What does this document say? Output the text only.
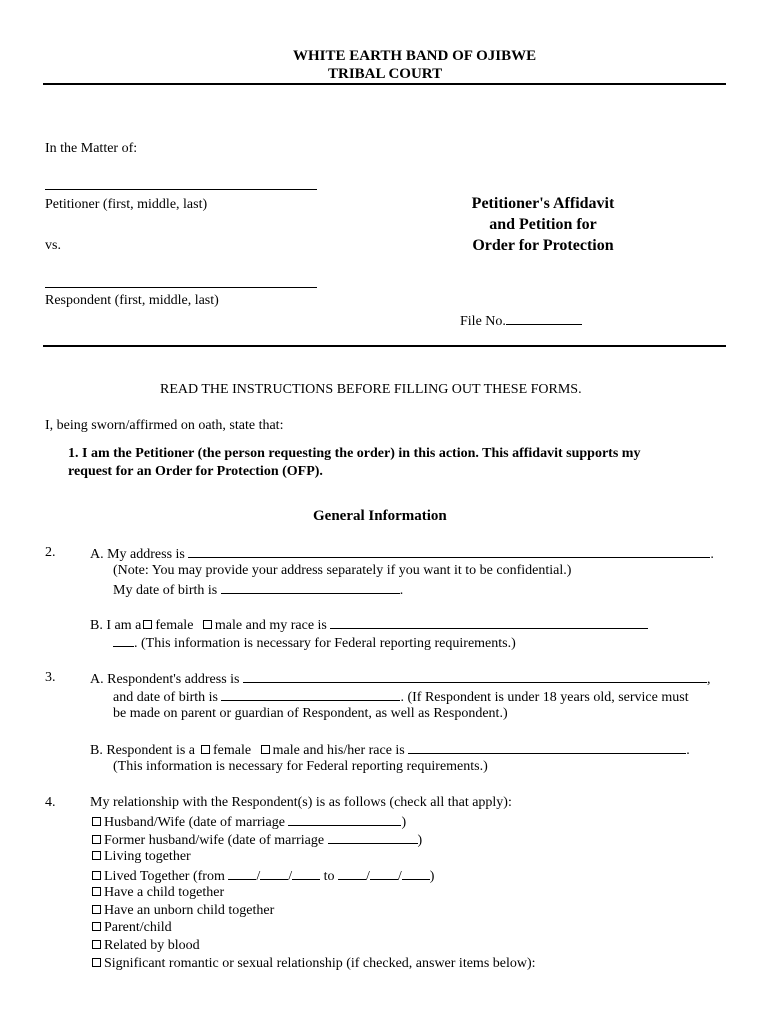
WHITE EARTH BAND OF OJIBWE
TRIBAL COURT
In the Matter of:
Petitioner (first, middle, last)
vs.
Respondent (first, middle, last)
Petitioner's Affidavit
and Petition for
Order for Protection
File No.
READ THE INSTRUCTIONS BEFORE FILLING OUT THESE FORMS.
I, being sworn/affirmed on oath, state that:
1. I am the Petitioner (the person requesting the order) in this action. This affidavit supports my
request for an Order for Protection (OFP).
General Information
2. A. My address is	.
(Note: You may provide your address separately if you want it to be confidential.)
My date of birth is	.
B. I am a female male and my race is
. (This information is necessary for Federal reporting requirements.)
3. A. Respondent's address is	,
and date of birth is	. (If Respondent is under 18 years old, service must
be made on parent or guardian of Respondent, as well as Respondent.)
B. Respondent is a female male and his/her race is	.
(This information is necessary for Federal reporting requirements.)
4. My relationship with the Respondent(s) is as follows (check all that apply):
Husband/Wife (date of marriage	)
Former husband/wife (date of marriage	)
Living together
Lived Together (from / / to / / )
Have a child together
Have an unborn child together
Parent/child
Related by blood
Significant romantic or sexual relationship (if checked, answer items below):
